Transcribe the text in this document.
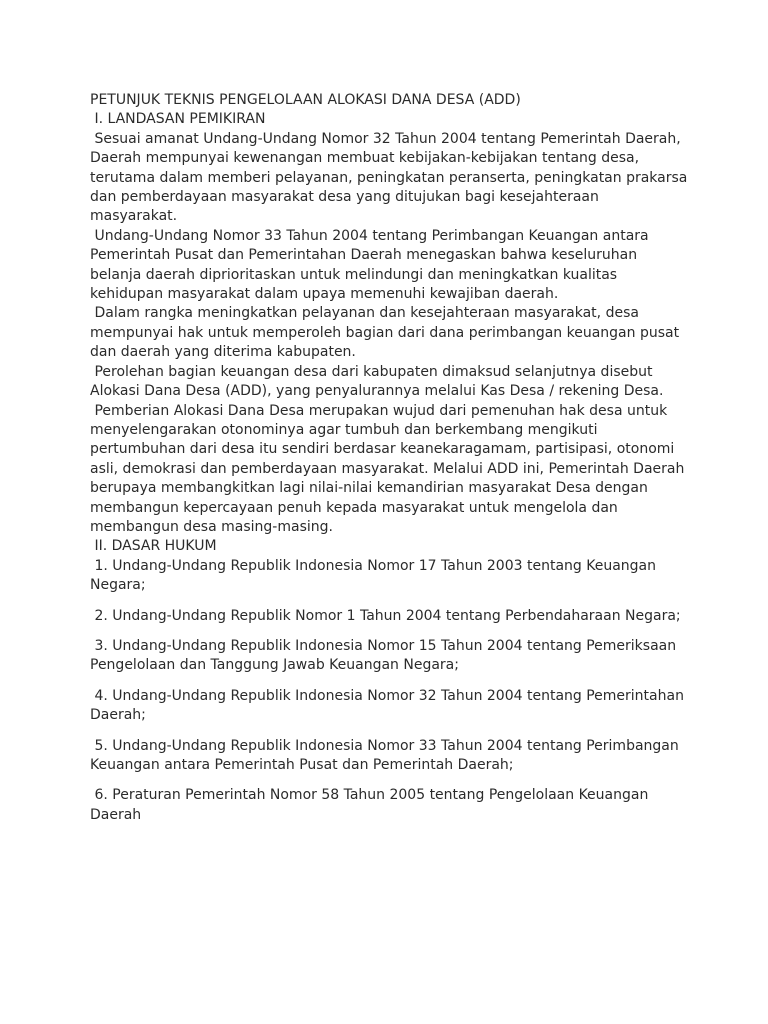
PETUNJUK TEKNIS PENGELOLAAN ALOKASI DANA DESA (ADD)

I. LANDASAN PEMIKIRAN

Sesuai amanat Undang-Undang Nomor 32 Tahun 2004 tentang Pemerintah Daerah, Daerah mempunyai kewenangan membuat kebijakan-kebijakan tentang desa, terutama dalam memberi pelayanan, peningkatan peranserta, peningkatan prakarsa dan pemberdayaan masyarakat desa yang ditujukan bagi kesejahteraan masyarakat.

Undang-Undang Nomor 33 Tahun 2004 tentang Perimbangan Keuangan antara Pemerintah Pusat dan Pemerintahan Daerah menegaskan bahwa keseluruhan belanja daerah diprioritaskan untuk melindungi dan meningkatkan kualitas kehidupan masyarakat dalam upaya memenuhi kewajiban daerah.

Dalam rangka meningkatkan pelayanan dan kesejahteraan masyarakat, desa mempunyai hak untuk memperoleh bagian dari dana perimbangan keuangan pusat dan daerah yang diterima kabupaten.

Perolehan bagian keuangan desa dari kabupaten dimaksud selanjutnya disebut Alokasi Dana Desa (ADD), yang penyalurannya melalui Kas Desa / rekening Desa.

Pemberian Alokasi Dana Desa merupakan wujud dari pemenuhan hak desa untuk menyelengarakan otonominya agar tumbuh dan berkembang mengikuti pertumbuhan dari desa itu sendiri berdasar keanekaragamam, partisipasi, otonomi asli, demokrasi dan pemberdayaan masyarakat. Melalui ADD ini, Pemerintah Daerah berupaya membangkitkan lagi nilai-nilai kemandirian masyarakat Desa dengan membangun kepercayaan penuh kepada masyarakat untuk mengelola dan membangun desa masing-masing.

II. DASAR HUKUM

1. Undang-Undang Republik Indonesia Nomor 17 Tahun 2003 tentang Keuangan Negara;
2. Undang-Undang Republik Nomor 1 Tahun 2004 tentang Perbendaharaan Negara;
3. Undang-Undang Republik Indonesia Nomor 15 Tahun 2004 tentang Pemeriksaan Pengelolaan dan Tanggung Jawab Keuangan Negara;
4. Undang-Undang Republik Indonesia Nomor 32 Tahun 2004 tentang Pemerintahan Daerah;
5. Undang-Undang Republik Indonesia Nomor 33 Tahun 2004 tentang Perimbangan Keuangan antara Pemerintah Pusat dan Pemerintah Daerah;
6. Peraturan Pemerintah Nomor 58 Tahun 2005 tentang Pengelolaan Keuangan Daerah
